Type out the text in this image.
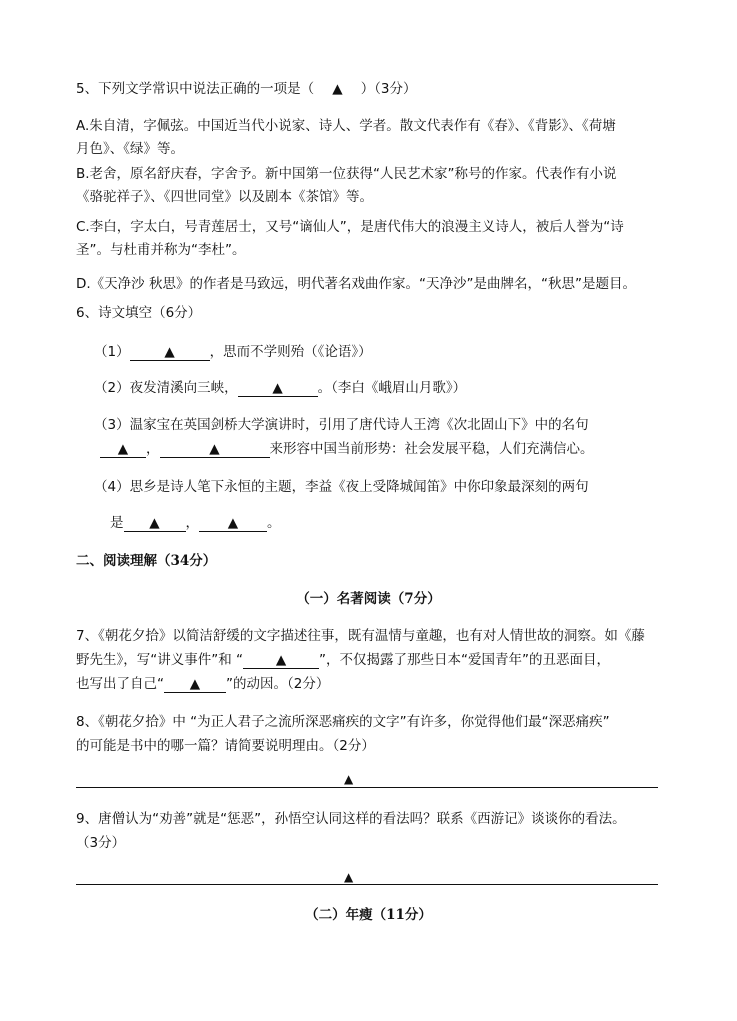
5、下列文学常识中说法正确的一项是（ ▲ ）（3分）
A.朱自清，字佩弦。中国近当代小说家、诗人、学者。散文代表作有《春》、《背影》、《荷塘
月色》、《绿》等。
B.老舍，原名舒庆春，字舍予。新中国第一位获得“人民艺术家”称号的作家。代表作有小说
《骆驼祥子》、《四世同堂》以及剧本《茶馆》等。
C.李白，字太白，号青莲居士，又号“谪仙人”，是唐代伟大的浪漫主义诗人，被后人誉为“诗
圣”。与杜甫并称为“李杜”。
D.《天净沙 秋思》的作者是马致远，明代著名戏曲作家。“天净沙”是曲牌名，“秋思”是题目。
6、诗文填空（6分）
（1）	▲	，思而不学则殆（《论语》）
（2）夜发清溪向三峡，	▲	。（李白《峨眉山月歌》）
（3）温家宝在英国剑桥大学演讲时，引用了唐代诗人王湾《次北固山下》中的名句
▲ ，	▲	来形容中国当前形势：社会发展平稳，人们充满信心。
（4）思乡是诗人笔下永恒的主题，李益《夜上受降城闻笛》中你印象最深刻的两句
是 ▲ ， ▲ 。
二、阅读理解（34分）
（一）名著阅读（7分）
7、《朝花夕拾》以简洁舒缓的文字描述往事，既有温情与童趣，也有对人情世故的洞察。如《藤
野先生》，写“讲义事件”和 “ ▲ ”，不仅揭露了那些日本“爱国青年”的丑恶面目，
也写出了自己“ ▲ ”的动因。（2分）
8、《朝花夕拾》中 “为正人君子之流所深恶痛疾的文字”有许多，你觉得他们最“深恶痛疾”
的可能是书中的哪一篇？请简要说明理由。（2分）
▲
9、唐僧认为“劝善”就是“惩恶”，孙悟空认同这样的看法吗？联系《西游记》谈谈你的看法。
（3分）
▲
（二）年瘦（11分）
